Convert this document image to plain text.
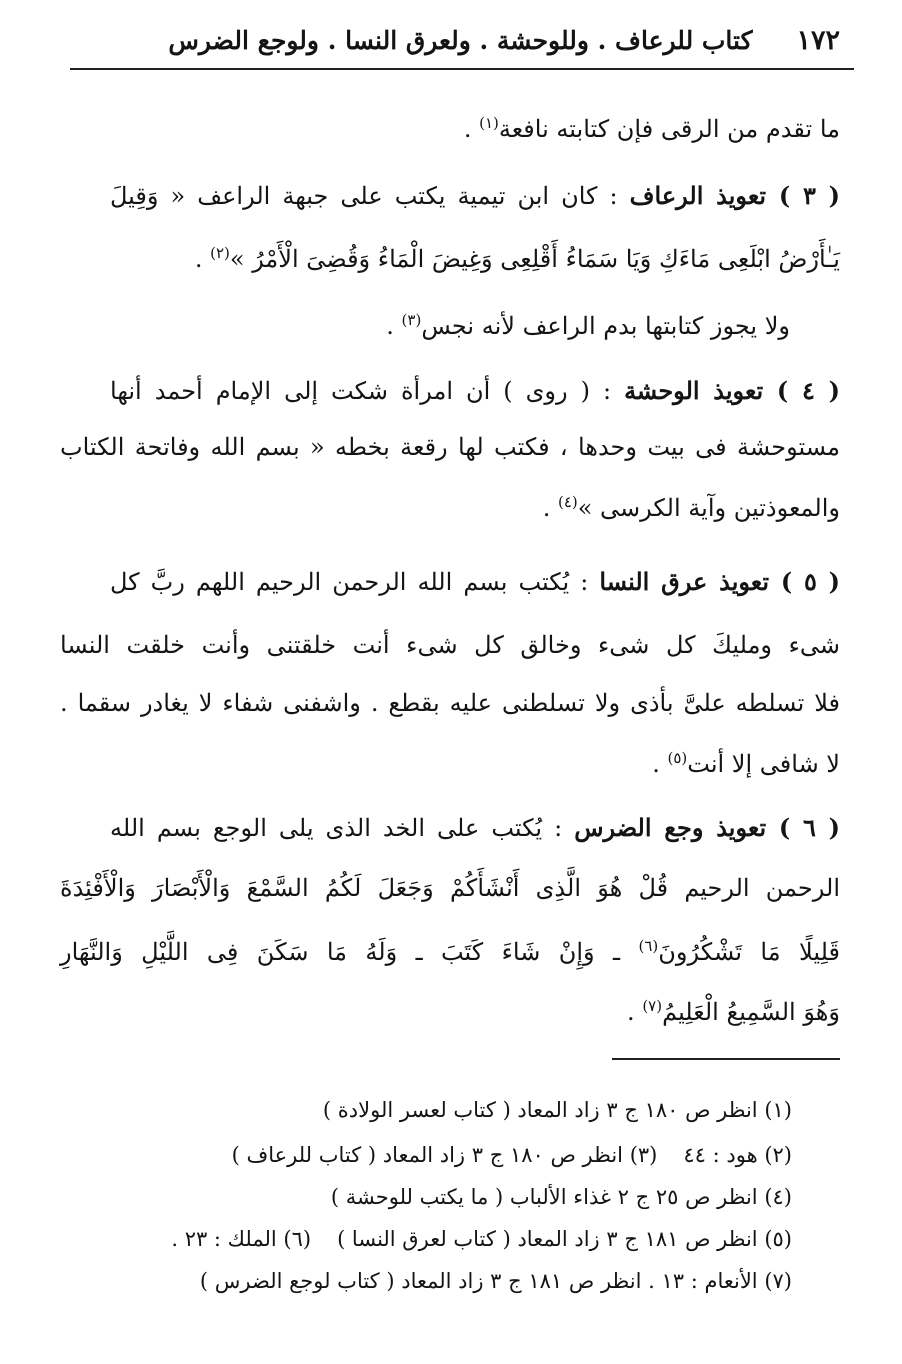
١٧٢
كتاب للرعاف . وللوحشة . ولعرق النسا . ولوجع الضرس
ما تقدم من الرقى فإن كتابته نافعة$^{(١)}$ .
( ٣ ) تعويذ الرعاف : كان ابن تيمية يكتب على جبهة الراعف « وَقِيلَ
يَـٰأَرْضُ ابْلَعِى مَاءَكِ وَيَا سَمَاءُ أَقْلِعِى وَغِيضَ الْمَاءُ وَقُضِىَ الْأَمْرُ »$^{(٢)}$ .
ولا يجوز كتابتها بدم الراعف لأنه نجس$^{(٣)}$ .
( ٤ ) تعويذ الوحشة : ( روى ) أن امرأة شكت إلى الإمام أحمد أنها
مستوحشة فى بيت وحدها ، فكتب لها رقعة بخطه « بسم الله وفاتحة الكتاب
والمعوذتين وآية الكرسى »$^{(٤)}$ .
( ٥ ) تعويذ عرق النسا : يُكتب بسم الله الرحمن الرحيم اللهم ربَّ كل
شىء ومليكَ كل شىء وخالق كل شىء أنت خلقتنى وأنت خلقت النسا
فلا تسلطه علىَّ بأذى ولا تسلطنى عليه بقطع . واشفنى شفاء لا يغادر سقما .
لا شافى إلا أنت$^{(٥)}$ .
( ٦ ) تعويذ وجع الضرس : يُكتب على الخد الذى يلى الوجع بسم الله
الرحمن الرحيم قُلْ هُوَ الَّذِى أَنْشَأَكُمْ وَجَعَلَ لَكُمُ السَّمْعَ وَالْأَبْصَارَ وَالْأَفْئِدَةَ
قَلِيلًا مَا تَشْكُرُونَ$^{(٦)}$ ـ وَإِنْ شَاءَ كَتَبَ ـ وَلَهُ مَا سَكَنَ فِى اللَّيْلِ وَالنَّهَارِ
وَهُوَ السَّمِيعُ الْعَلِيمُ$^{(٧)}$ .
(١) انظر ص ١٨٠ ج ٣ زاد المعاد ( كتاب لعسر الولادة )
(٢) هود : ٤٤(٣) انظر ص ١٨٠ ج ٣ زاد المعاد ( كتاب للرعاف )
(٤) انظر ص ٢٥ ج ٢ غذاء الألباب ( ما يكتب للوحشة )
(٥) انظر ص ١٨١ ج ٣ زاد المعاد ( كتاب لعرق النسا )(٦) الملك : ٢٣ .
(٧) الأنعام : ١٣ . انظر ص ١٨١ ج ٣ زاد المعاد ( كتاب لوجع الضرس )
